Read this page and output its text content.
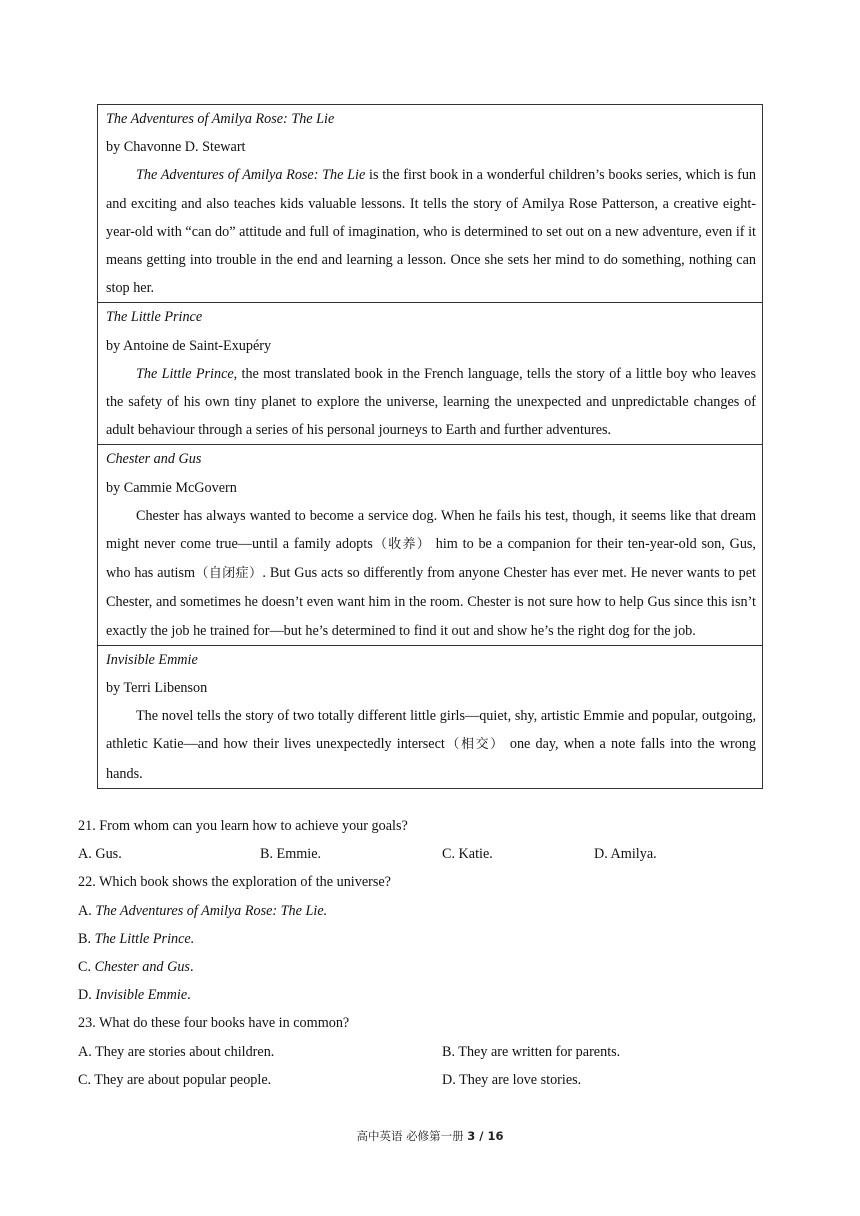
The Adventures of Amilya Rose: The Lie
by Chavonne D. Stewart

The Adventures of Amilya Rose: The Lie is the first book in a wonderful children’s books series, which is fun and exciting and also teaches kids valuable lessons. It tells the story of Amilya Rose Patterson, a creative eight-year-old with “can do” attitude and full of imagination, who is determined to set out on a new adventure, even if it means getting into trouble in the end and learning a lesson. Once she sets her mind to do something, nothing can stop her.

The Little Prince
by Antoine de Saint-Exupéry

The Little Prince, the most translated book in the French language, tells the story of a little boy who leaves the safety of his own tiny planet to explore the universe, learning the unexpected and unpredictable changes of adult behaviour through a series of his personal journeys to Earth and further adventures.

Chester and Gus
by Cammie McGovern

Chester has always wanted to become a service dog. When he fails his test, though, it seems like that dream might never come true—until a family adopts（收养） him to be a companion for their ten-year-old son, Gus, who has autism（自闭症）. But Gus acts so differently from anyone Chester has ever met. He never wants to pet Chester, and sometimes he doesn’t even want him in the room. Chester is not sure how to help Gus since this isn’t exactly the job he trained for—but he’s determined to find it out and show he’s the right dog for the job.

Invisible Emmie
by Terri Libenson

The novel tells the story of two totally different little girls—quiet, shy, artistic Emmie and popular, outgoing, athletic Katie—and how their lives unexpectedly intersect（相交） one day, when a note falls into the wrong hands.

21. From whom can you learn how to achieve your goals?
A. Gus.	B. Emmie.	C. Katie.	D. Amilya.
22. Which book shows the exploration of the universe?
A. The Adventures of Amilya Rose: The Lie.
B. The Little Prince.
C. Chester and Gus.
D. Invisible Emmie.
23. What do these four books have in common?
A. They are stories about children.	B. They are written for parents.
C. They are about popular people.	D. They are love stories.
高中英语 必修第一册 3 / 16
